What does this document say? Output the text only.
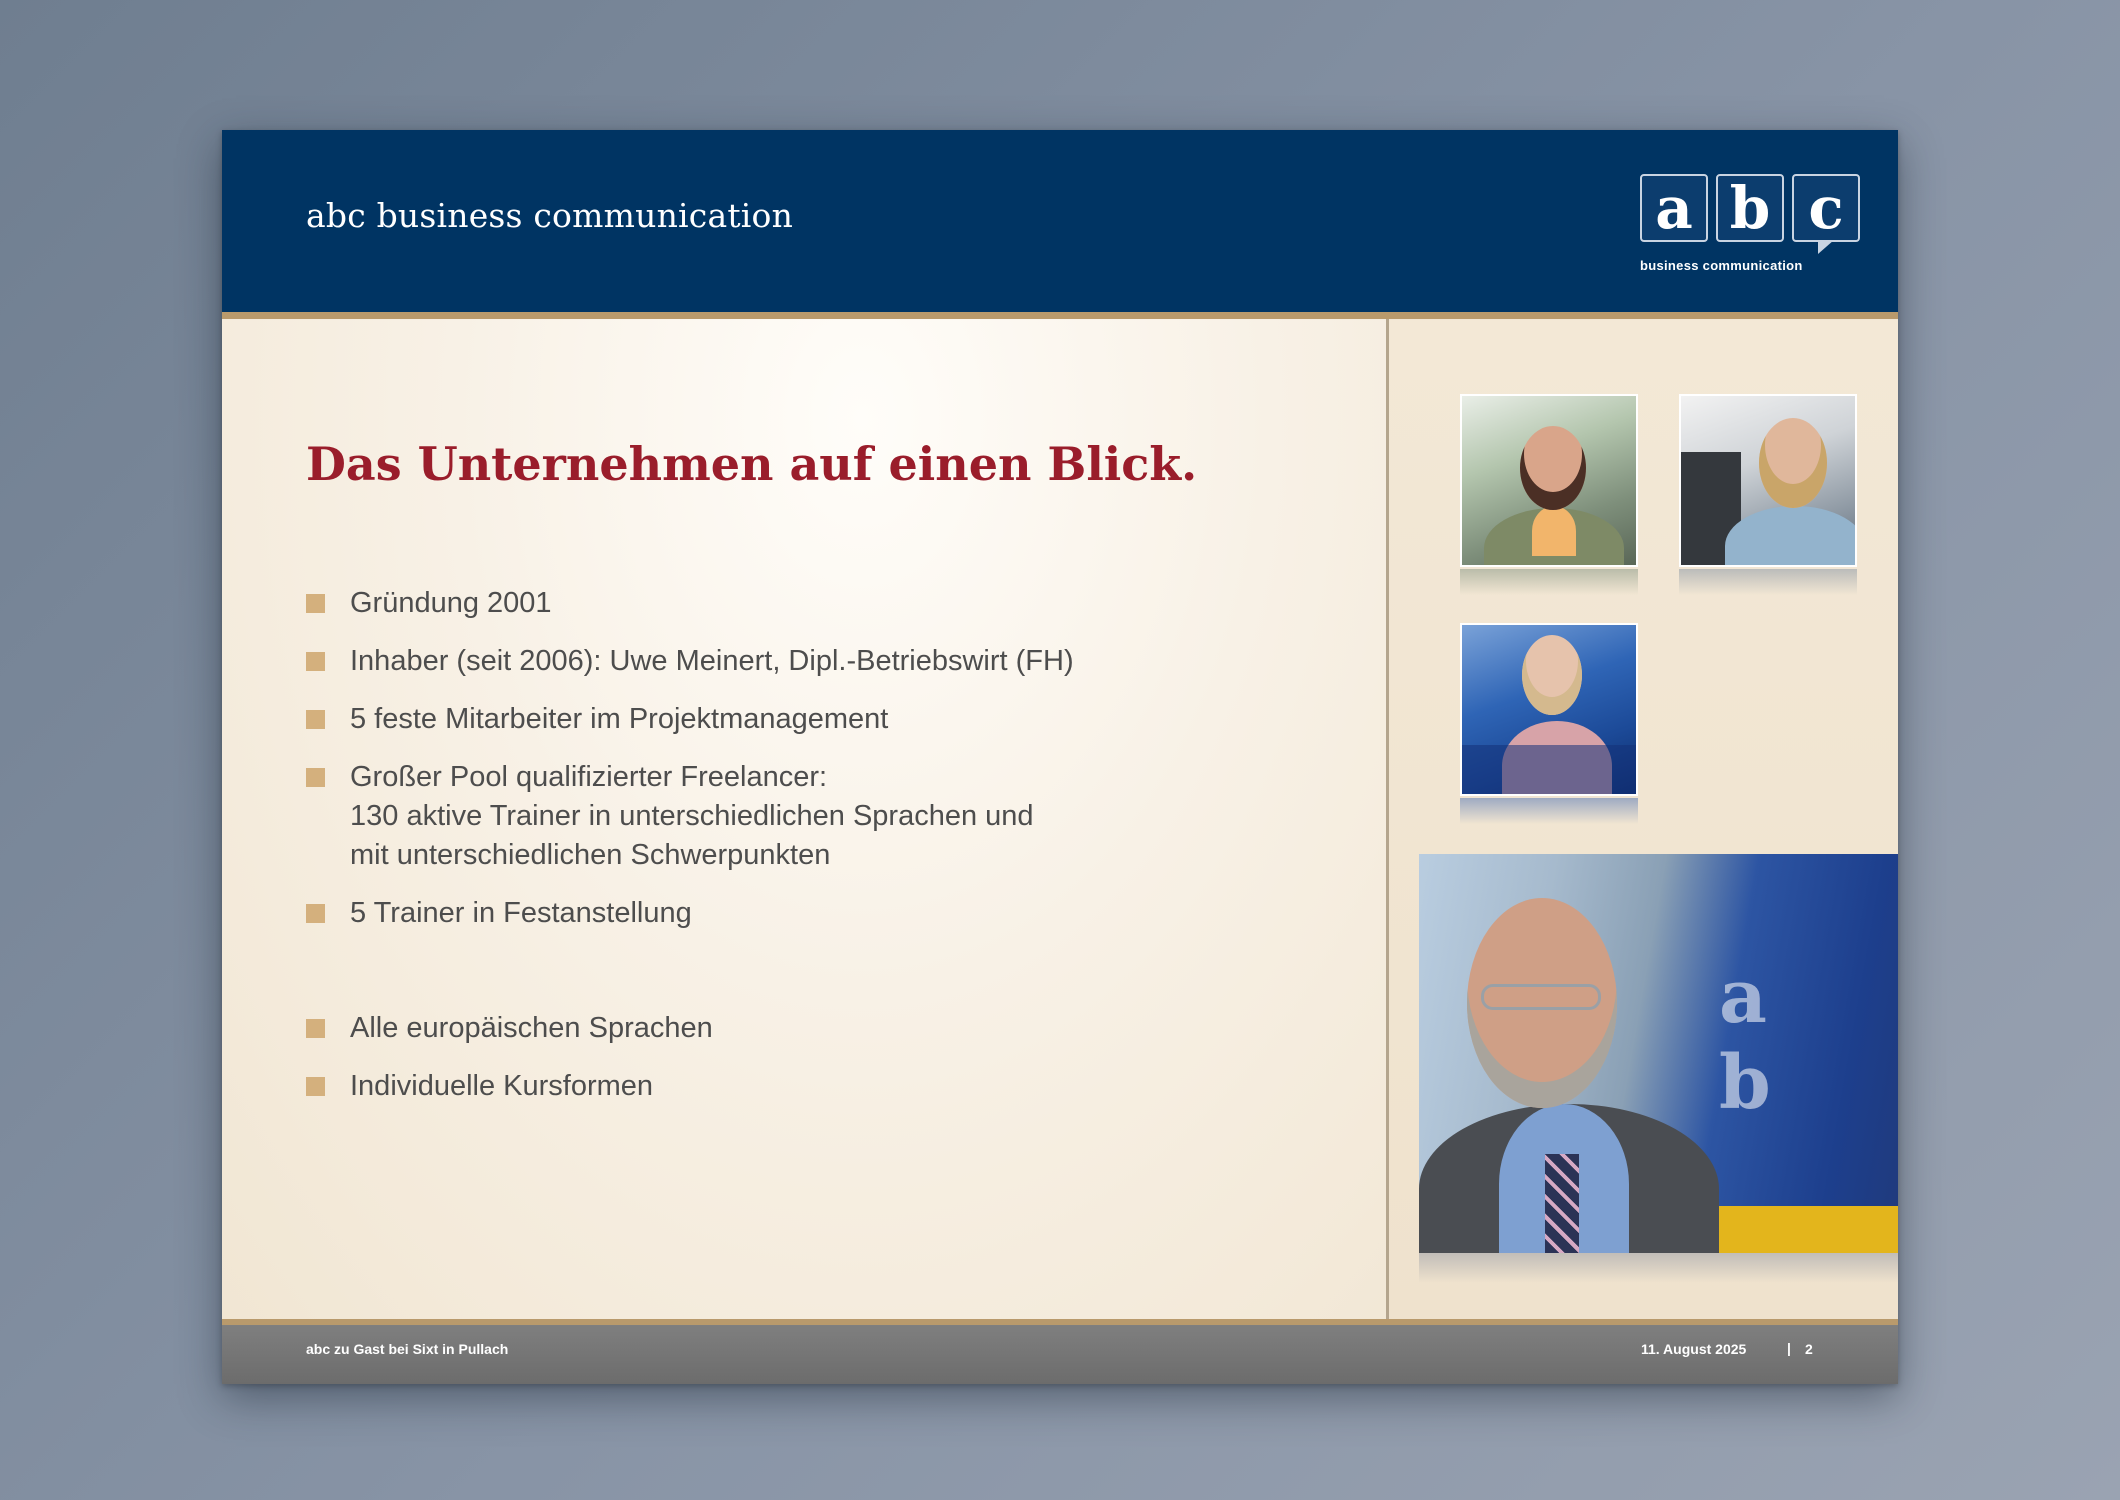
abc business communication	a b c
business communication
Das Unternehmen auf einen Blick.
Gründung 2001
Inhaber (seit 2006): Uwe Meinert, Dipl.-Betriebswirt (FH)
5 feste Mitarbeiter im Projektmanagement
Großer Pool qualifizierter Freelancer:
130 aktive Trainer in unterschiedlichen Sprachen und
mit unterschiedlichen Schwerpunkten
5 Trainer in Festanstellung
Alle europäischen Sprachen
Individuelle Kursformen
abc zu Gast bei Sixt in Pullach	11. August 2025	| 2
a b
